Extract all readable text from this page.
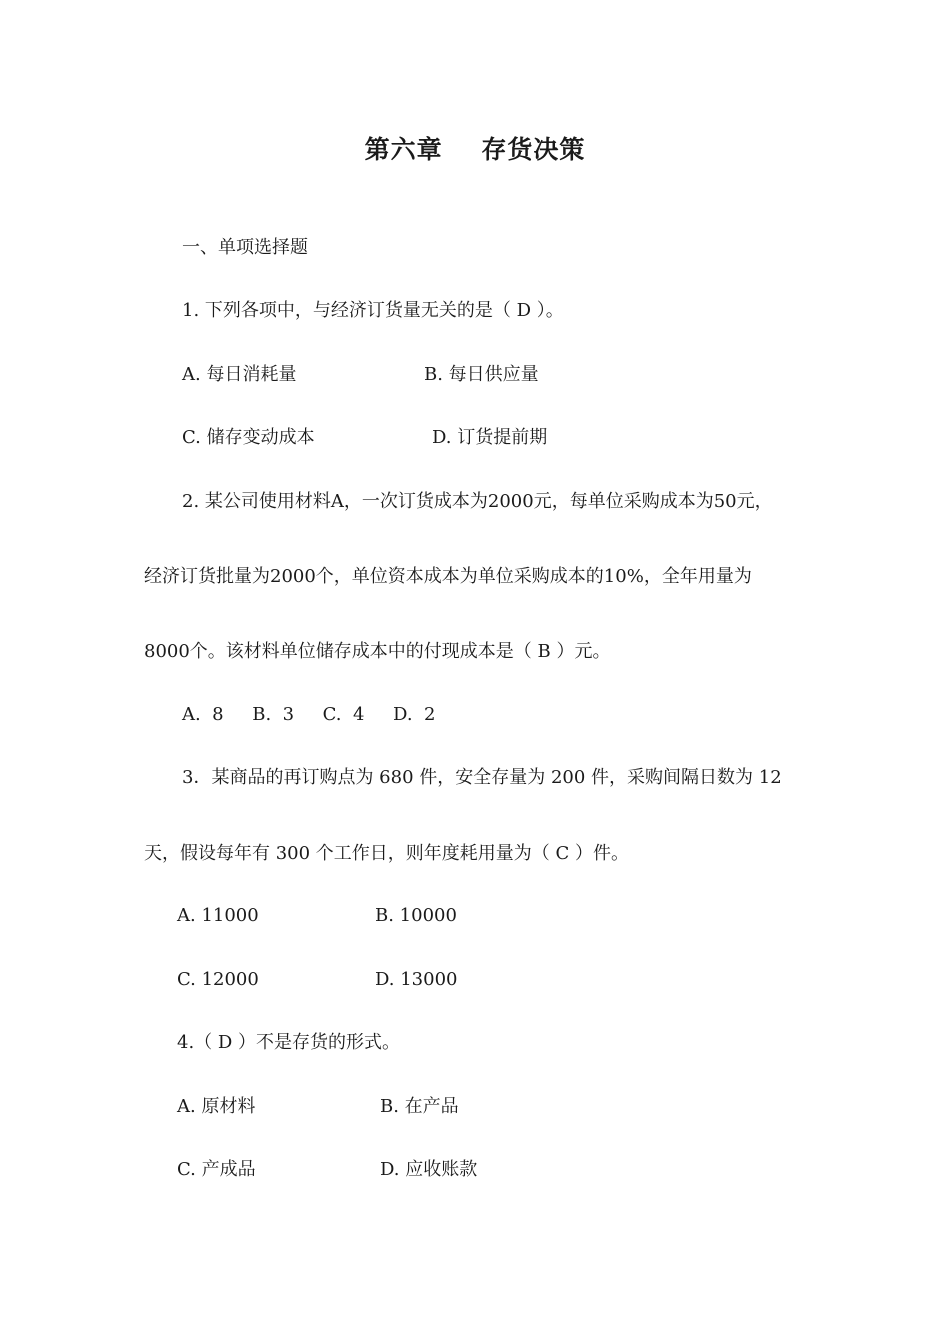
第六章    存货决策
一、单项选择题
1. 下列各项中，与经济订货量无关的是（ D ）。
A. 每日消耗量	B. 每日供应量
C. 储存变动成本	D. 订货提前期
2. 某公司使用材料A，一次订货成本为2000元，每单位采购成本为50元，
经济订货批量为2000个，单位资本成本为单位采购成本的10%，全年用量为
8000个。该材料单位储存成本中的付现成本是（ B ）元。
A.  8     B.  3     C.  4     D.  2
3．某商品的再订购点为 680 件，安全存量为 200 件，采购间隔日数为 12
天，假设每年有 300 个工作日，则年度耗用量为（ C ）件。
A. 11000	B. 10000
C. 12000	D. 13000
4.（ D ）不是存货的形式。
A. 原材料	B. 在产品
C. 产成品	D. 应收账款
